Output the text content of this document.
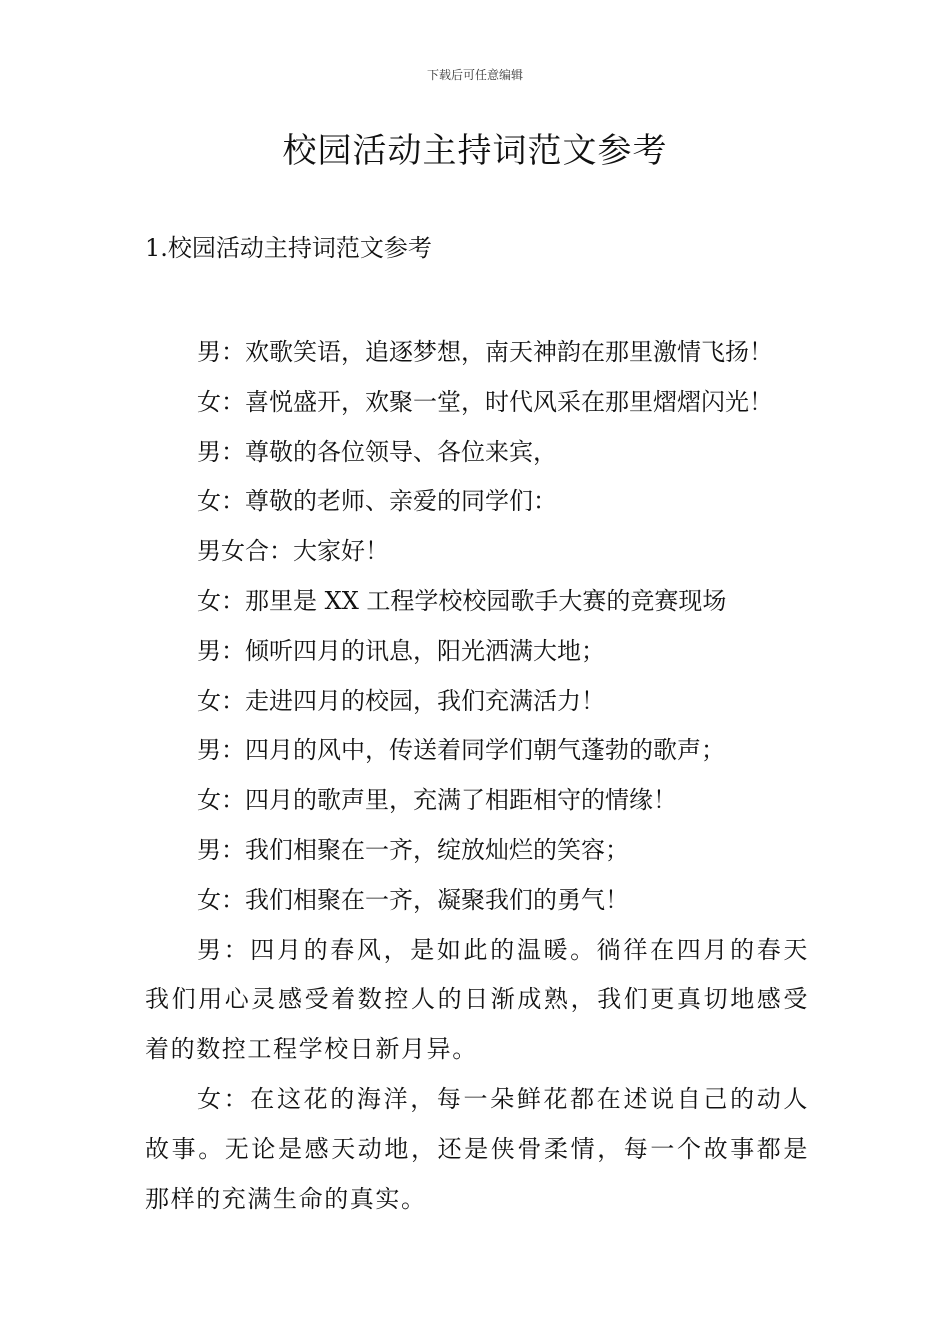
下载后可任意编辑
校园活动主持词范文参考
1.校园活动主持词范文参考
男：欢歌笑语，追逐梦想，南天神韵在那里激情飞扬！
女：喜悦盛开，欢聚一堂，时代风采在那里熠熠闪光！
男：尊敬的各位领导、各位来宾，
女：尊敬的老师、亲爱的同学们：
男女合：大家好！
女：那里是 XX 工程学校校园歌手大赛的竞赛现场
男：倾听四月的讯息，阳光洒满大地；
女：走进四月的校园，我们充满活力！
男：四月的风中，传送着同学们朝气蓬勃的歌声；
女：四月的歌声里，充满了相距相守的情缘！
男：我们相聚在一齐，绽放灿烂的笑容；
女：我们相聚在一齐，凝聚我们的勇气！
男：四月的春风，是如此的温暖。徜徉在四月的春天我们用心灵感受着数控人的日渐成熟，我们更真切地感受着的数控工程学校日新月异。
女：在这花的海洋，每一朵鲜花都在述说自己的动人故事。无论是感天动地，还是侠骨柔情，每一个故事都是那样的充满生命的真实。
